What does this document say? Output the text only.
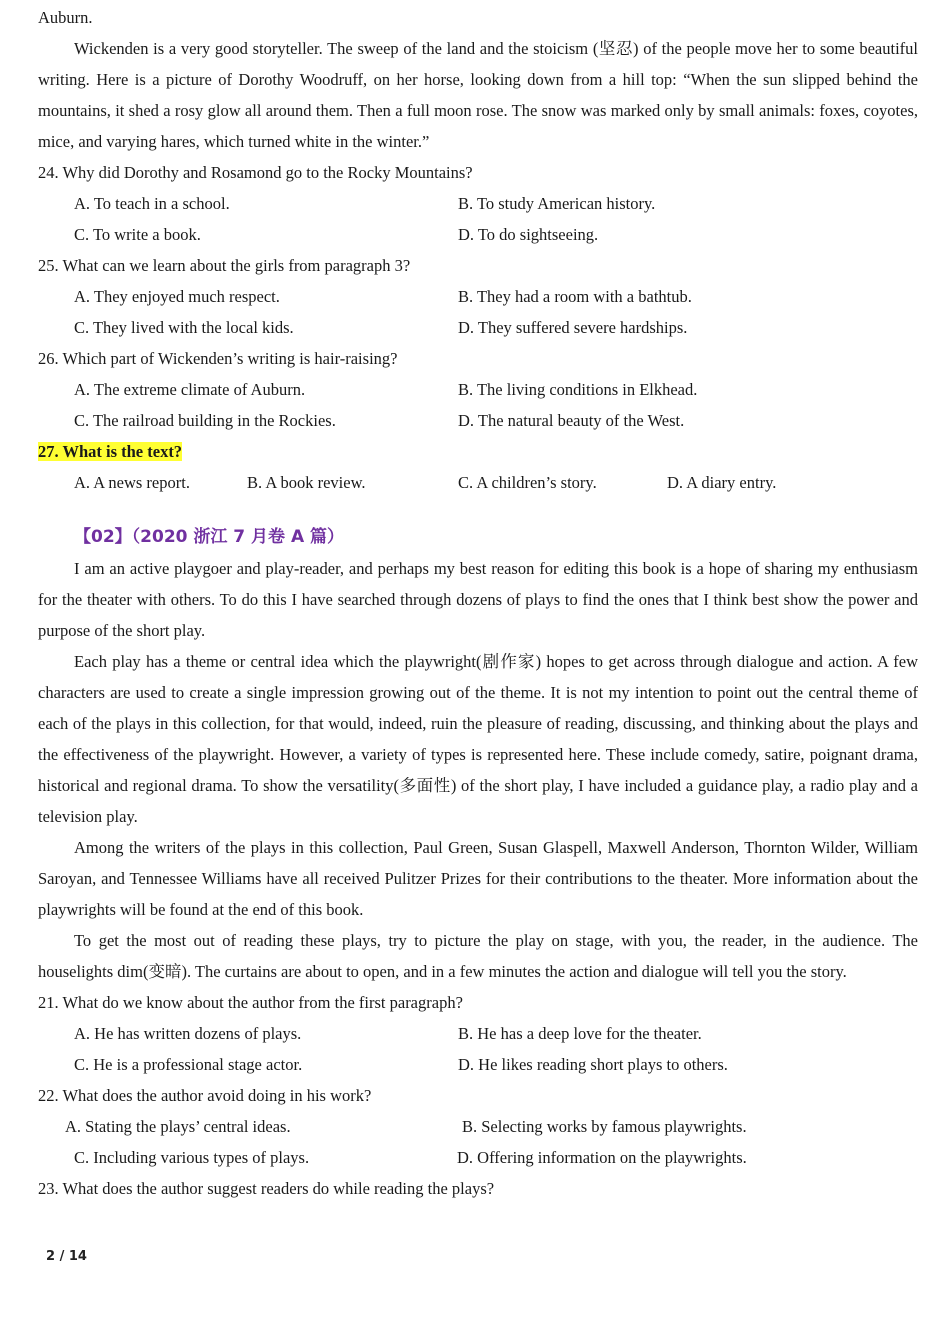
Auburn.

Wickenden is a very good storyteller. The sweep of the land and the stoicism (坚忍) of the people move her to some beautiful writing. Here is a picture of Dorothy Woodruff, on her horse, looking down from a hill top: “When the sun slipped behind the mountains, it shed a rosy glow all around them. Then a full moon rose. The snow was marked only by small animals: foxes, coyotes, mice, and varying hares, which turned white in the winter.”

24. Why did Dorothy and Rosamond go to the Rocky Mountains?
A. To teach in a school.	B. To study American history.
C. To write a book.	D. To do sightseeing.
25. What can we learn about the girls from paragraph 3?
A. They enjoyed much respect.	B. They had a room with a bathtub.
C. They lived with the local kids.	D. They suffered severe hardships.
26. Which part of Wickenden’s writing is hair-raising?
A. The extreme climate of Auburn.	B. The living conditions in Elkhead.
C. The railroad building in the Rockies.	D. The natural beauty of the West.
27. What is the text?
A. A news report.	B. A book review.	C. A children’s story.	D. A diary entry.
【02】（2020 浙江 7 月卷 A 篇）

I am an active playgoer and play-reader, and perhaps my best reason for editing this book is a hope of sharing my enthusiasm for the theater with others. To do this I have searched through dozens of plays to find the ones that I think best show the power and purpose of the short play.

Each play has a theme or central idea which the playwright(剧作家) hopes to get across through dialogue and action. A few characters are used to create a single impression growing out of the theme. It is not my intention to point out the central theme of each of the plays in this collection, for that would, indeed, ruin the pleasure of reading, discussing, and thinking about the plays and the effectiveness of the playwright. However, a variety of types is represented here. These include comedy, satire, poignant drama, historical and regional drama. To show the versatility(多面性) of the short play, I have included a guidance play, a radio play and a television play.

Among the writers of the plays in this collection, Paul Green, Susan Glaspell, Maxwell Anderson, Thornton Wilder, William Saroyan, and Tennessee Williams have all received Pulitzer Prizes for their contributions to the theater. More information about the playwrights will be found at the end of this book.

To get the most out of reading these plays, try to picture the play on stage, with you, the reader, in the audience. The houselights dim(变暗). The curtains are about to open, and in a few minutes the action and dialogue will tell you the story.

21. What do we know about the author from the first paragraph?
A. He has written dozens of plays.	B. He has a deep love for the theater.
C. He is a professional stage actor.	D. He likes reading short plays to others.
22. What does the author avoid doing in his work?
A. Stating the plays’ central ideas.	B. Selecting works by famous playwrights.
C. Including various types of plays.	D. Offering information on the playwrights.
23. What does the author suggest readers do while reading the plays?
2 / 14
